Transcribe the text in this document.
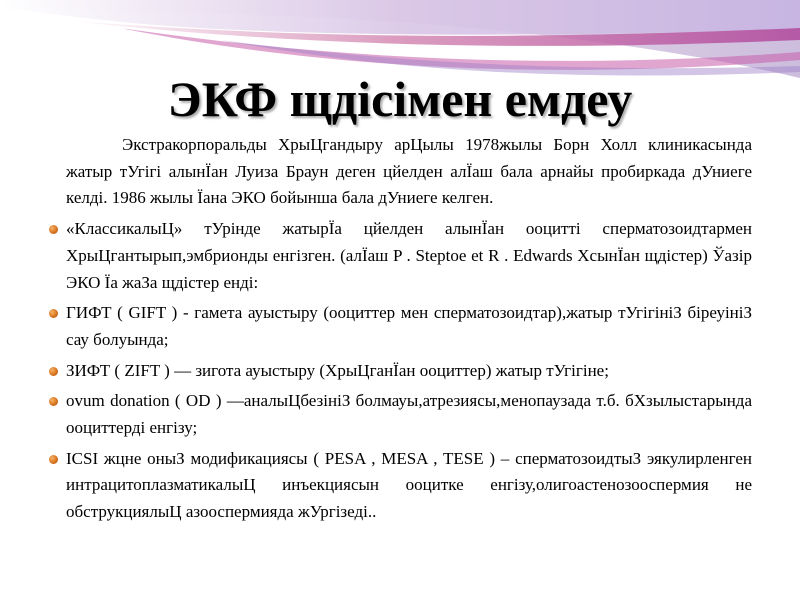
ЭКФ щдісімен емдеу

Экстракорпоральды ХрыЦгандыру арЦылы 1978жылы Борн Холл клиникасында жатыр тУгігі алынЇан Луиза Браун деген цйелден алЇаш бала арнайы пробиркада дУниеге келді. 1986 жылы Їана ЭКО бойынша бала дУниеге келген.

«КлассикалыЦ» тУрінде жатырЇа цйелден алынЇан ооцитті сперматозоидтармен ХрыЦгантырып,эмбрионды енгізген. (алЇаш P . Steptoe et R . Edwards ХсынЇан щдістер) Ўазір ЭКО Їа жаЗа щдістер енді:
ГИФТ ( GIFT ) - гамета ауыстыру (ооциттер мен сперматозоидтар),жатыр тУгігініЗ біреуініЗ сау болуында;
ЗИФТ ( ZIFT ) — зигота ауыстыру (ХрыЦганЇан ооциттер) жатыр тУгігіне;
ovum donation ( OD ) —аналыЦбезініЗ болмауы,атрезиясы,менопаузада т.б. бХзылыстарында ооциттерді енгізу;
ICSI жцне оныЗ модификациясы ( PESA , MESA , TESE ) – сперматозоидтыЗ эякулирленген интрацитоплазматикалыЦ инъекциясын ооцитке енгізу,олигоастенозооспермия не обструкциялыЦ азооспермияда жУргізеді..
